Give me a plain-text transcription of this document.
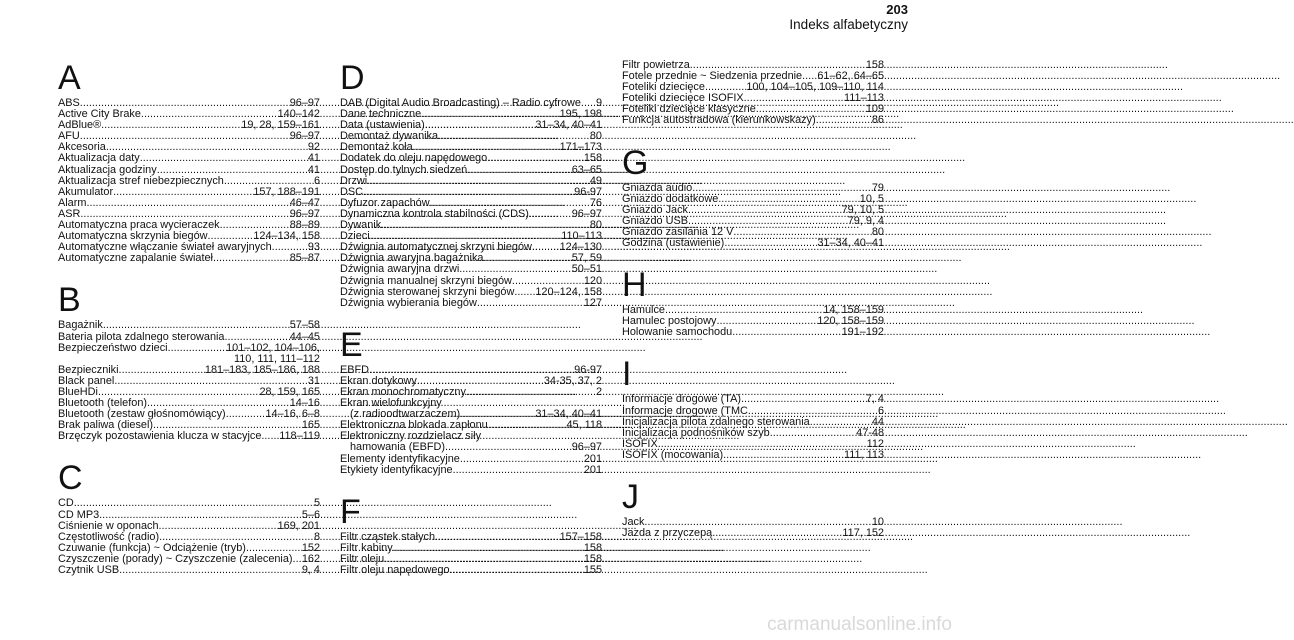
203
Indeks alfabetyczny
A
ABS .....	96–97
Active City Brake .....	140–142
AdBlue® .....	19, 28, 159–161
AFU .....	96–97
Akcesoria .....	92
Aktualizacja daty .....	41
Aktualizacja godziny .....	41
Aktualizacja stref niebezpiecznych .....	6
Akumulator .....	157, 188–191
Alarm .....	46–47
ASR .....	96–97
Automatyczna praca wycieraczek .....	88–89
Automatyczna skrzynia biegów .....	124–134, 158
Automatyczne włączanie świateł awaryjnych .....	93
Automatyczne zapalanie świateł .....	85–87
B
Bagażnik .....	57–58
Bateria pilota zdalnego sterowania .....	44–45
Bezpieczeństwo dzieci .....	101–102, 104–106,
110, 111, 111–112
Bezpieczniki .....	181–183, 185–186, 188
Black panel .....	31
BlueHDi .....	28, 159, 165
Bluetooth (telefon) .....	14–16
Bluetooth (zestaw głośnomówiący) .....	14–16, 6–8
Brak paliwa (diesel) .....	165
Brzęczyk pozostawienia klucza w stacyjce ..... 118–119
C
CD .....	5
CD MP3 .....	5–6
Ciśnienie w oponach .....	169, 201
Częstotliwość (radio) .....	8
Czuwanie (funkcja) ~ Odciążenie (tryb) .....	152
Czyszczenie (porady) ~ Czyszczenie (zalecenia) ..... 162
Czytnik USB .....	9, 4
D
DAB (Digital Audio Broadcasting) – Radio cyfrowe ..... 9
Dane techniczne .....	195, 198
Data (ustawienia) .....	31–34, 40–41
Demontaż dywanika .....	80
Demontaż koła .....	171–173
Dodatek do oleju napędowego .....	158
Dostęp do tylnych siedzeń .....	63–65
Drzwi .....	49
DSC .....	96-97
Dyfuzor zapachów .....	76
Dynamiczna kontrola stabilności (CDS) .....	96–97
Dywanik .....	80
Dzieci .....	110–113
Dźwignia automatycznej skrzyni biegów .....	124–130
Dźwignia awaryjna bagażnika .....	57, 59
Dźwignia awaryjna drzwi .....	50–51
Dźwignia manualnej skrzyni biegów .....	120
Dźwignia sterowanej skrzyni biegów ..... 120–124, 158
Dźwignia wybierania biegów .....	127
E
EBFD .....	96-97
Ekran dotykowy .....	34-35, 37, 2
Ekran monochromatyczny .....	2
Ekran wielofunkcyjny
(z radioodtwarzaczem) .....	31–34, 40–41
Elektroniczna blokada zapłonu .....	45, 118
Elektroniczny rozdzielacz siły
hamowania (EBFD) .....	96–97
Elementy identyfikacyjne .....	201
Etykiety identyfikacyjne .....	201
F
Filtr cząstek stałych .....	157–158
Filtr kabiny .....	158
Filtr oleju .....	158
Filtr oleju napędowego .....	155
Filtr powietrza .....	158
Fotele przednie ~ Siedzenia przednie ..... 61–62, 64–65
Foteliki dziecięce .....	100, 104–105, 109–110, 114
Foteliki dziecięce ISOFIX .....	111–113
Foteliki dziecięce klasyczne .....	109
Funkcja autostradowa (kierunkowskazy) .....	86
G
Gniazda audio .....	79
Gniazdo dodatkowe .....	10, 5
Gniazdo Jack .....	79, 10, 5
Gniazdo USB .....	79, 9, 4
Gniazdo zasilania 12 V .....	80
Godzina (ustawienie) .....	31–34, 40–41
H
Hamulce .....	14, 158–159
Hamulec postojowy .....	120, 158–159
Holowanie samochodu .....	191–192
I
Informacje drogowe (TA) .....	7, 4
Informacje drogowe (TMC .....	6
Inicjalizacja pilota zdalnego sterowania .....	44
Inicjalizacja podnośników szyb .....	47-48
ISOFIX .....	112
ISOFIX (mocowania) .....	111, 113
J
Jack .....	10
Jazda z przyczepą .....	117, 152
carmanualsonline.info
